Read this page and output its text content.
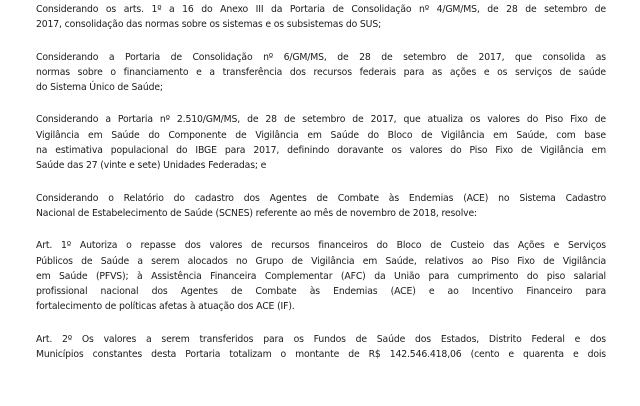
Considerando os arts. 1º a 16 do Anexo III da Portaria de Consolidação nº 4/GM/MS, de 28 de setembro de
2017, consolidação das normas sobre os sistemas e os subsistemas do SUS;

Considerando a Portaria de Consolidação nº 6/GM/MS, de 28 de setembro de 2017, que consolida as
normas sobre o financiamento e a transferência dos recursos federais para as ações e os serviços de saúde
do Sistema Único de Saúde;

Considerando a Portaria nº 2.510/GM/MS, de 28 de setembro de 2017, que atualiza os valores do Piso Fixo de
Vigilância em Saúde do Componente de Vigilância em Saúde do Bloco de Vigilância em Saúde, com base
na estimativa populacional do IBGE para 2017, definindo doravante os valores do Piso Fixo de Vigilância em
Saúde das 27 (vinte e sete) Unidades Federadas; e

Considerando o Relatório do cadastro dos Agentes de Combate às Endemias (ACE) no Sistema Cadastro
Nacional de Estabelecimento de Saúde (SCNES) referente ao mês de novembro de 2018, resolve:

Art. 1º Autoriza o repasse dos valores de recursos financeiros do Bloco de Custeio das Ações e Serviços
Públicos de Saúde a serem alocados no Grupo de Vigilância em Saúde, relativos ao Piso Fixo de Vigilância
em Saúde (PFVS); à Assistência Financeira Complementar (AFC) da União para cumprimento do piso salarial
profissional nacional dos Agentes de Combate às Endemias (ACE) e ao Incentivo Financeiro para
fortalecimento de políticas afetas à atuação dos ACE (IF).

Art. 2º Os valores a serem transferidos para os Fundos de Saúde dos Estados, Distrito Federal e dos
Municípios constantes desta Portaria totalizam o montante de R$ 142.546.418,06 (cento e quarenta e dois
